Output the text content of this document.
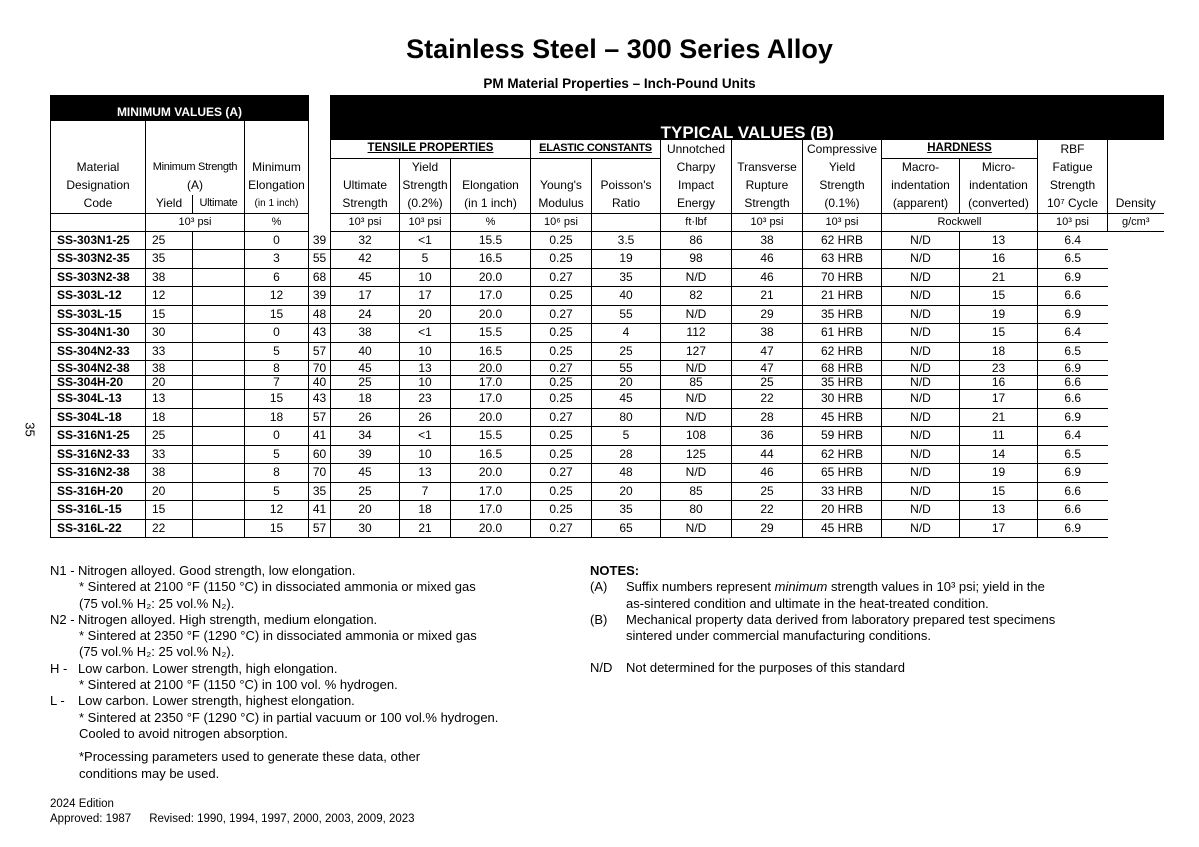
Stainless Steel – 300 Series Alloy
PM Material Properties – Inch-Pound Units
35
MINIMUM VALUES (A)					TYPICAL VALUES (B)											

					TENSILE PROPERTIES			ELASTIC CONSTANTS		Unnotched		Compressive	HARDNESS		RBF	
Material	Minimum Strength		Minimum			Yield				Charpy	Transverse	Yield	Macro-	Micro-	Fatigue	
Designation	(A)		Elongation		Ultimate	Strength	Elongation	Young's	Poisson's	Impact	Rupture	Strength	indentation	indentation	Strength	
Code	Yield	Ultimate	(in 1 inch)		Strength	(0.2%)	(in 1 inch)	Modulus	Ratio	Energy	Strength	(0.1%)	(apparent)	(converted)	10⁷ Cycle	Density
	10³ psi		%		10³ psi	10³ psi	%	10⁶ psi		ft·lbf	10³ psi	10³ psi	Rockwell		10³ psi	g/cm³
SS-303N1-25	25		0	39	32	<1	15.5	0.25	3.5	86	38	62 HRB	N/D	13	6.4	
SS-303N2-35	35		3	55	42	5	16.5	0.25	19	98	46	63 HRB	N/D	16	6.5	
SS-303N2-38	38		6	68	45	10	20.0	0.27	35	N/D	46	70 HRB	N/D	21	6.9	
SS-303L-12	12		12	39	17	17	17.0	0.25	40	82	21	21 HRB	N/D	15	6.6	
SS-303L-15	15		15	48	24	20	20.0	0.27	55	N/D	29	35 HRB	N/D	19	6.9	
SS-304N1-30	30		0	43	38	<1	15.5	0.25	4	112	38	61 HRB	N/D	15	6.4	
SS-304N2-33	33		5	57	40	10	16.5	0.25	25	127	47	62 HRB	N/D	18	6.5	
SS-304N2-38	38		8	70	45	13	20.0	0.27	55	N/D	47	68 HRB	N/D	23	6.9	
SS-304H-20	20		7	40	25	10	17.0	0.25	20	85	25	35 HRB	N/D	16	6.6	
SS-304L-13	13		15	43	18	23	17.0	0.25	45	N/D	22	30 HRB	N/D	17	6.6	
SS-304L-18	18		18	57	26	26	20.0	0.27	80	N/D	28	45 HRB	N/D	21	6.9	
SS-316N1-25	25		0	41	34	<1	15.5	0.25	5	108	36	59 HRB	N/D	11	6.4	
SS-316N2-33	33		5	60	39	10	16.5	0.25	28	125	44	62 HRB	N/D	14	6.5	
SS-316N2-38	38		8	70	45	13	20.0	0.27	48	N/D	46	65 HRB	N/D	19	6.9	
SS-316H-20	20		5	35	25	7	17.0	0.25	20	85	25	33 HRB	N/D	15	6.6	
SS-316L-15	15		12	41	20	18	17.0	0.25	35	80	22	20 HRB	N/D	13	6.6	
SS-316L-22	22		15	57	30	21	20.0	0.27	65	N/D	29	45 HRB	N/D	17	6.9	
N1 - Nitrogen alloyed. Good strength, low elongation.
* Sintered at 2100 °F (1150 °C) in dissociated ammonia or mixed gas
(75 vol.% H₂: 25 vol.% N₂).
N2 - Nitrogen alloyed. High strength, medium elongation.
* Sintered at 2350 °F (1290 °C) in dissociated ammonia or mixed gas
(75 vol.% H₂: 25 vol.% N₂).
H - Low carbon. Lower strength, high elongation.
* Sintered at 2100 °F (1150 °C) in 100 vol. % hydrogen.
L -	Low carbon. Lower strength, highest elongation.
* Sintered at 2350 °F (1290 °C) in partial vacuum or 100 vol.% hydrogen.
Cooled to avoid nitrogen absorption.
*Processing parameters used to generate these data, other
conditions may be used.
NOTES:
(A)	Suffix numbers represent minimum strength values in 10³ psi; yield in the
as-sintered condition and ultimate in the heat-treated condition.
(B)	Mechanical property data derived from laboratory prepared test specimens
sintered under commercial manufacturing conditions.
N/D	Not determined for the purposes of this standard
2024 Edition
Approved: 1987 Revised: 1990, 1994, 1997, 2000, 2003, 2009, 2023
